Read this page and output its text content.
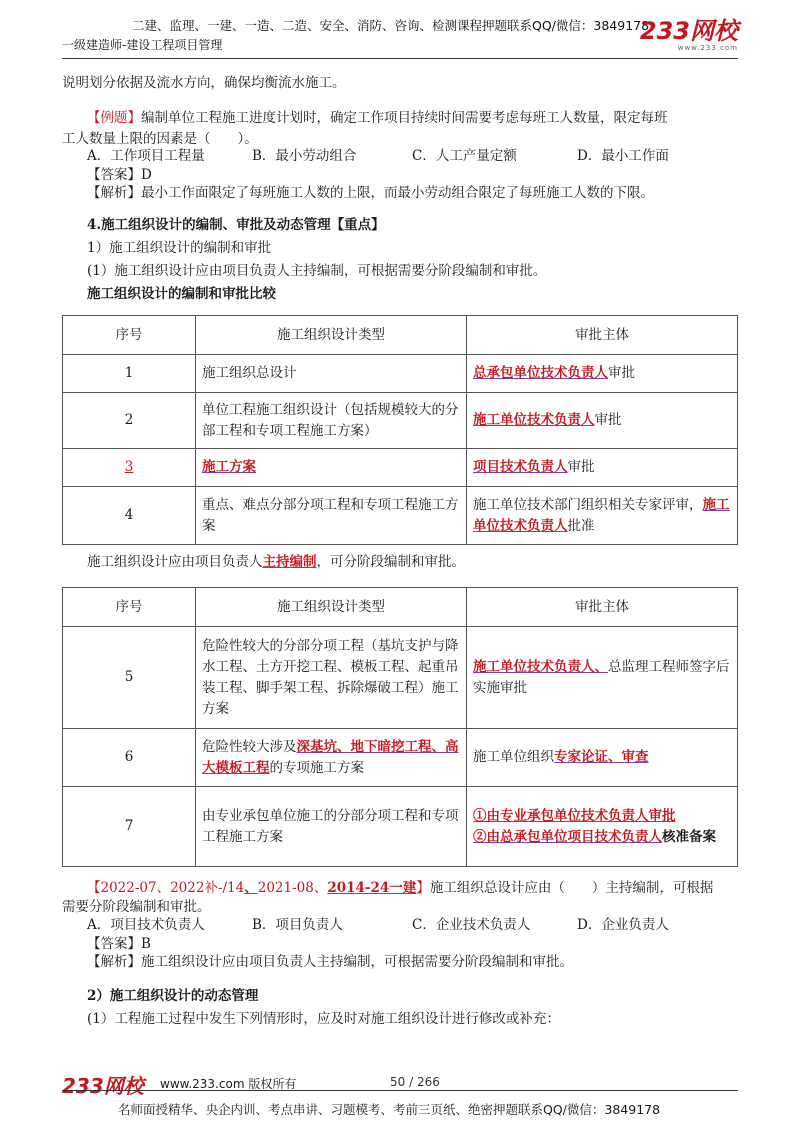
二建、监理、一建、一造、二造、安全、消防、咨询、检测课程押题联系QQ/微信：3849178
一级建造师-建设工程项目管理	233网校
www.233.com
说明划分依据及流水方向，确保均衡流水施工。
【例题】编制单位工程施工进度计划时，确定工作项目持续时间需要考虑每班工人数量，限定每班
工人数量上限的因素是（　　）。
A．工作项目工程量	B．最小劳动组合	C．人工产量定额	D．最小工作面
【答案】D
【解析】最小工作面限定了每班施工人数的上限，而最小劳动组合限定了每班施工人数的下限。
4.施工组织设计的编制、审批及动态管理【重点】
1）施工组织设计的编制和审批
(1）施工组织设计应由项目负责人主持编制，可根据需要分阶段编制和审批。
施工组织设计的编制和审批比较
序号	施工组织设计类型	审批主体
1	施工组织总设计	总承包单位技术负责人审批
2	单位工程施工组织设计（包括规模较大的分部工程和专项工程施工方案）	施工单位技术负责人审批
3	施工方案	项目技术负责人审批
4	重点、难点分部分项工程和专项工程施工方案	施工单位技术部门组织相关专家评审，施工单位技术负责人批准
施工组织设计应由项目负责人主持编制，可分阶段编制和审批。
序号	施工组织设计类型	审批主体
5	危险性较大的分部分项工程（基坑支护与降水工程、土方开挖工程、模板工程、起重吊装工程、脚手架工程、拆除爆破工程）施工方案	施工单位技术负责人、总监理工程师签字后实施审批
6	危险性较大涉及深基坑、地下暗挖工程、高大模板工程的专项施工方案	施工单位组织专家论证、审查
7	由专业承包单位施工的分部分项工程和专项工程施工方案	①由专业承包单位技术负责人审批
②由总承包单位项目技术负责人核准备案
【2022-07、2022补-/14、2021-08、2014-24一建】施工组织总设计应由（　　）主持编制，可根据
需要分阶段编制和审批。
A．项目技术负责人	B．项目负责人	C．企业技术负责人	D．企业负责人
【答案】B
【解析】施工组织设计应由项目负责人主持编制，可根据需要分阶段编制和审批。
2）施工组织设计的动态管理
(1）工程施工过程中发生下列情形时，应及时对施工组织设计进行修改或补充：
233网校 www.233.com 版权所有	50 / 266
名师面授精华、央企内训、考点串讲、习题模考、考前三页纸、绝密押题联系QQ/微信：3849178
